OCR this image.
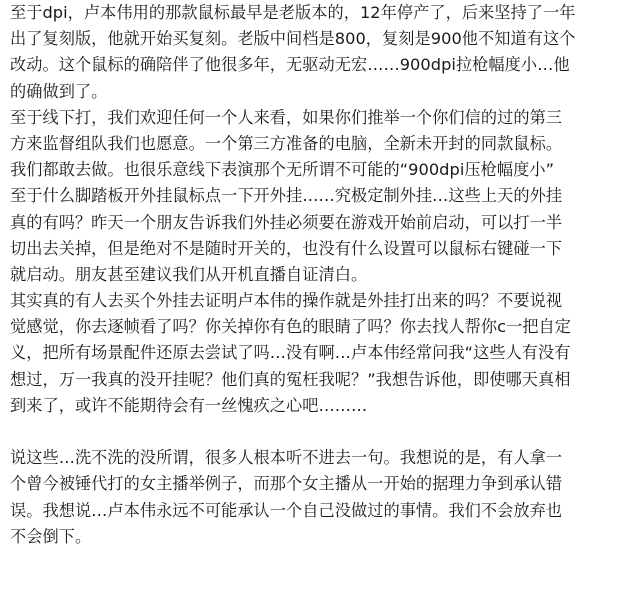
至于dpi，卢本伟用的那款鼠标最早是老版本的，12年停产了，后来坚持了一年
出了复刻版，他就开始买复刻。老版中间档是800，复刻是900他不知道有这个
改动。这个鼠标的确陪伴了他很多年，无驱动无宏……900dpi拉枪幅度小…他
的确做到了。
至于线下打，我们欢迎任何一个人来看，如果你们推举一个你们信的过的第三
方来监督组队我们也愿意。一个第三方准备的电脑，全新未开封的同款鼠标。
我们都敢去做。也很乐意线下表演那个无所谓不可能的“900dpi压枪幅度小”
至于什么脚踏板开外挂鼠标点一下开外挂……究极定制外挂…这些上天的外挂
真的有吗？昨天一个朋友告诉我们外挂必须要在游戏开始前启动，可以打一半
切出去关掉，但是绝对不是随时开关的，也没有什么设置可以鼠标右键碰一下
就启动。朋友甚至建议我们从开机直播自证清白。
其实真的有人去买个外挂去证明卢本伟的操作就是外挂打出来的吗？不要说视
觉感觉，你去逐帧看了吗？你关掉你有色的眼睛了吗？你去找人帮你c一把自定
义，把所有场景配件还原去尝试了吗…没有啊…卢本伟经常问我“这些人有没有
想过，万一我真的没开挂呢？他们真的冤枉我呢？”我想告诉他，即使哪天真相
到来了，或许不能期待会有一丝愧疚之心吧………
说这些…洗不洗的没所谓，很多人根本听不进去一句。我想说的是，有人拿一
个曾今被锤代打的女主播举例子，而那个女主播从一开始的据理力争到承认错
误。我想说…卢本伟永远不可能承认一个自己没做过的事情。我们不会放弃也
不会倒下。
